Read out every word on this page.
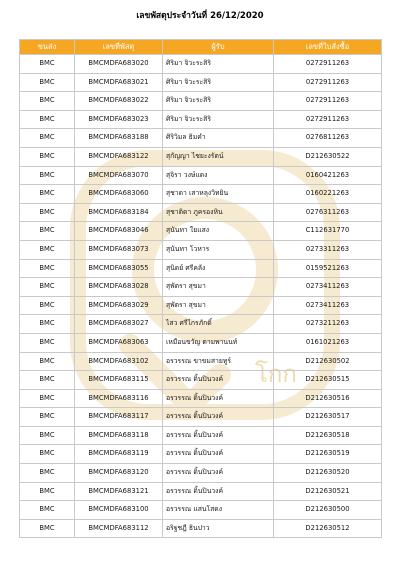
โกก
เลขพัสดุประจำวันที่ 26/12/2020
ขนส่ง	เลขที่พัสดุ	ผู้รับ	เลขที่ใบสั่งซื้อ
BMC	BMCMDFA683020	ศิริมา จิวะระสิริ	0272911263
BMC	BMCMDFA683021	ศิริมา จิวะระสิริ	0272911263
BMC	BMCMDFA683022	ศิริมา จิวะระสิริ	0272911263
BMC	BMCMDFA683023	ศิริมา จิวะระสิริ	0272911263
BMC	BMCMDFA683188	ศิริวิมล ธิมคำ	0276811263
BMC	BMCMDFA683122	สุกัญญา ไชยะงรัตน์	D212630522
BMC	BMCMDFA683070	สุจิรา วงษ์แดง	0160421263
BMC	BMCMDFA683060	สุชาดา เสาหลุงวิทยิน	0160221263
BMC	BMCMDFA683184	สุชาติดา ภูครองหิน	0276311263
BMC	BMCMDFA683046	สุนันทา ใยแสง	C112631770
BMC	BMCMDFA683073	สุนันทา โวหาร	0273311263
BMC	BMCMDFA683055	สุนิดย์ ศรีคลัง	0159521263
BMC	BMCMDFA683028	สุพัตรา สุขมา	0273411263
BMC	BMCMDFA683029	สุพัตรา สุขมา	0273411263
BMC	BMCMDFA683027	ไสว ศรีไกรภักดิ์	0273211263
BMC	BMCMDFA683063	เหมือนขวัญ ตามพานนท์	0161021263
BMC	BMCMDFA683102	อรวรรณ ขาขมสายทูร์	D212630502
BMC	BMCMDFA683115	อรวรรณ ดิ้นปินวงค์	D212630515
BMC	BMCMDFA683116	อรวรรณ ดิ้นปินวงค์	D212630516
BMC	BMCMDFA683117	อรวรรณ ดิ้นปินวงค์	D212630517
BMC	BMCMDFA683118	อรวรรณ ดิ้นปินวงค์	D212630518
BMC	BMCMDFA683119	อรวรรณ ดิ้นปินวงค์	D212630519
BMC	BMCMDFA683120	อรวรรณ ดิ้นปินวงค์	D212630520
BMC	BMCMDFA683121	อรวรรณ ดิ้นปินวงค์	D212630521
BMC	BMCMDFA683100	อรวรรณ แสนโสดง	D212630500
BMC	BMCMDFA683112	อริฐชฎี ธินปาว	D212630512
